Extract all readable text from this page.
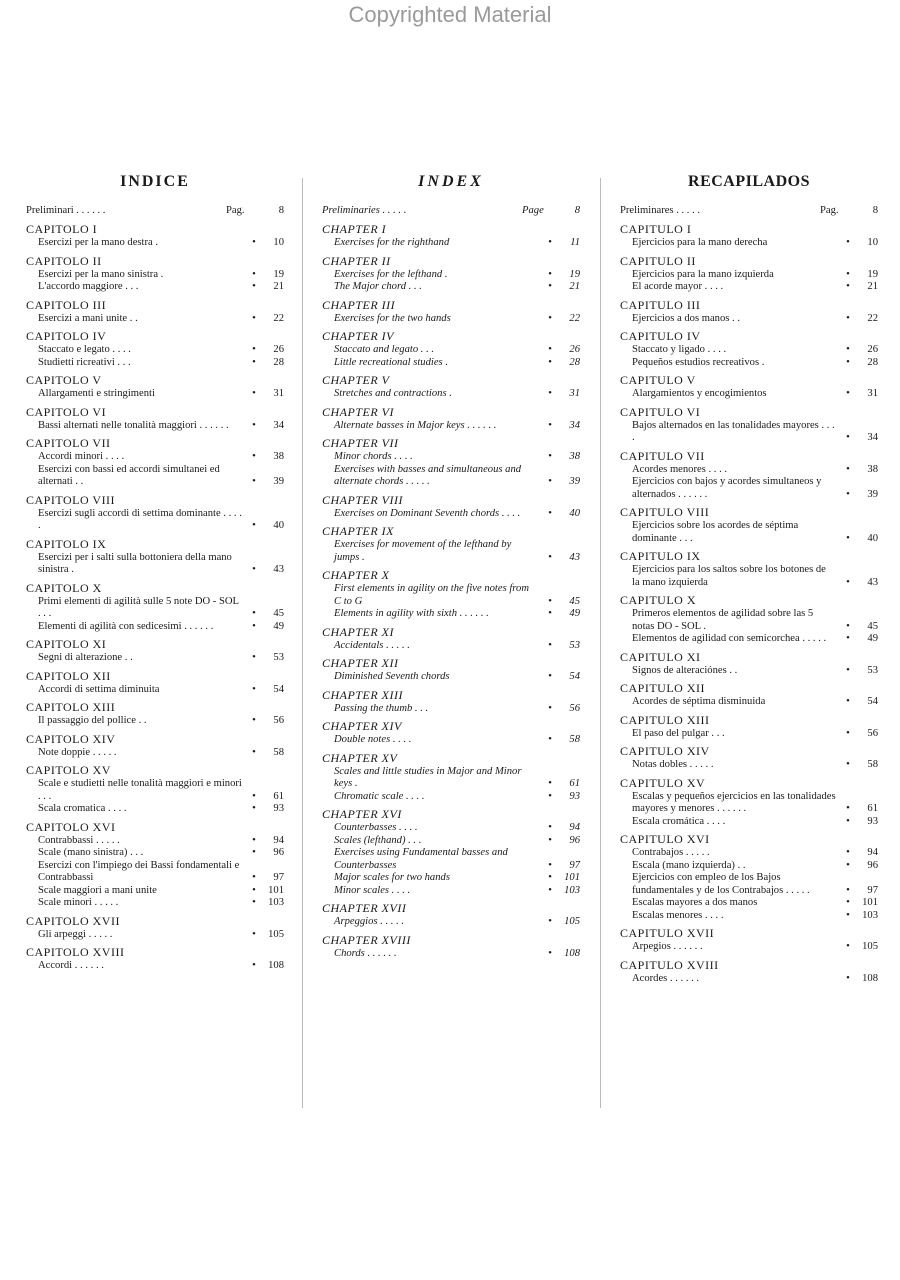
Copyrighted Material
INDICE
Preliminari . . . . . .	Pag.	8
CAPITOLO I
Esercizi per la mano destra .	•	10
CAPITOLO II
Esercizi per la mano sinistra .	•	19
L'accordo maggiore . . .	•	21
CAPITOLO III
Esercizi a mani unite . .	•	22
CAPITOLO IV
Staccato e legato . . . .	•	26
Studietti ricreativi . . .	•	28
CAPITOLO V
Allargamenti e stringimenti	•	31
CAPITOLO VI
Bassi alternati nelle tonalità maggiori . . . . . .	•	34
CAPITOLO VII
Accordi minori . . . .	•	38
Esercizi con bassi ed accordi simultanei ed alternati . .	•	39
CAPITOLO VIII
Esercizi sugli accordi di settima dominante . . . . .	•	40
CAPITOLO IX
Esercizi per i salti sulla bottoniera della mano sinistra .	•	43
CAPITOLO X
Primi elementi di agilità sulle 5 note DO - SOL . . .	•	45
Elementi di agilità con sedicesimi . . . . . .	•	49
CAPITOLO XI
Segni di alterazione . .	•	53
CAPITOLO XII
Accordi di settima diminuita	•	54
CAPITOLO XIII
Il passaggio del pollice . .	•	56
CAPITOLO XIV
Note doppie . . . . .	•	58
CAPITOLO XV
Scale e studietti nelle tonalità maggiori e minori . . .	•	61
Scala cromatica . . . .	•	93
CAPITOLO XVI
Contrabbassi . . . . .	•	94
Scale (mano sinistra) . . .	•	96
Esercizi con l'impiego dei Bassi fondamentali e Contrabbassi	•	97
Scale maggiori a mani unite	•	101
Scale minori . . . . .	•	103
CAPITOLO XVII
Gli arpeggi . . . . .	•	105
CAPITOLO XVIII
Accordi . . . . . .	•	108
INDEX
Preliminaries . . . . .	Page	8
CHAPTER I
Exercises for the righthand	•	11
CHAPTER II
Exercises for the lefthand .	•	19
The Major chord . . .	•	21
CHAPTER III
Exercises for the two hands	•	22
CHAPTER IV
Staccato and legato . . .	•	26
Little recreational studies .	•	28
CHAPTER V
Stretches and contractions .	•	31
CHAPTER VI
Alternate basses in Major keys . . . . . .	•	34
CHAPTER VII
Minor chords . . . .	•	38
Exercises with basses and simultaneous and alternate chords . . . . .	•	39
CHAPTER VIII
Exercises on Dominant Seventh chords . . . .	•	40
CHAPTER IX
Exercises for movement of the lefthand by jumps .	•	43
CHAPTER X
First elements in agility on the five notes from C to G	•	45
Elements in agility with sixth . . . . . .	•	49
CHAPTER XI
Accidentals . . . . .	•	53
CHAPTER XII
Diminished Seventh chords	•	54
CHAPTER XIII
Passing the thumb . . .	•	56
CHAPTER XIV
Double notes . . . .	•	58
CHAPTER XV
Scales and little studies in Major and Minor keys .	•	61
Chromatic scale . . . .	•	93
CHAPTER XVI
Counterbasses . . . .	•	94
Scales (lefthand) . . .	•	96
Exercises using Fundamental basses and Counterbasses	•	97
Major scales for two hands	•	101
Minor scales . . . .	•	103
CHAPTER XVII
Arpeggios . . . . .	•	105
CHAPTER XVIII
Chords . . . . . .	•	108
RECAPILADOS
Preliminares . . . . .	Pag.	8
CAPITULO I
Ejercicios para la mano derecha	•	10
CAPITULO II
Ejercicios para la mano izquierda	•	19
El acorde mayor . . . .	•	21
CAPITULO III
Ejercicios a dos manos . .	•	22
CAPITULO IV
Staccato y ligado . . . .	•	26
Pequeños estudios recreativos .	•	28
CAPITULO V
Alargamientos y encogimientos	•	31
CAPITULO VI
Bajos alternados en las tonalidades mayores . . . .	•	34
CAPITULO VII
Acordes menores . . . .	•	38
Ejercicios con bajos y acordes simultaneos y alternados . . . . . .	•	39
CAPITULO VIII
Ejercicios sobre los acordes de séptima dominante . . .	•	40
CAPITULO IX
Ejercicios para los saltos sobre los botones de la mano izquierda	•	43
CAPITULO X
Primeros elementos de agilidad sobre las 5 notas DO - SOL .	•	45
Elementos de agilidad con semicorchea . . . . .	•	49
CAPITULO XI
Signos de alteraciónes . .	•	53
CAPITULO XII
Acordes de séptima disminuida	•	54
CAPITULO XIII
El paso del pulgar . . .	•	56
CAPITULO XIV
Notas dobles . . . . .	•	58
CAPITULO XV
Escalas y pequeños ejercicios en las tonalidades mayores y menores . . . . . .	•	61
Escala cromática . . . .	•	93
CAPITULO XVI
Contrabajos . . . . .	•	94
Escala (mano izquierda) . .	•	96
Ejercicios con empleo de los Bajos fundamentales y de los Contrabajos . . . . .	•	97
Escalas mayores a dos manos	•	101
Escalas menores . . . .	•	103
CAPITULO XVII
Arpegios . . . . . .	•	105
CAPITULO XVIII
Acordes . . . . . .	•	108
